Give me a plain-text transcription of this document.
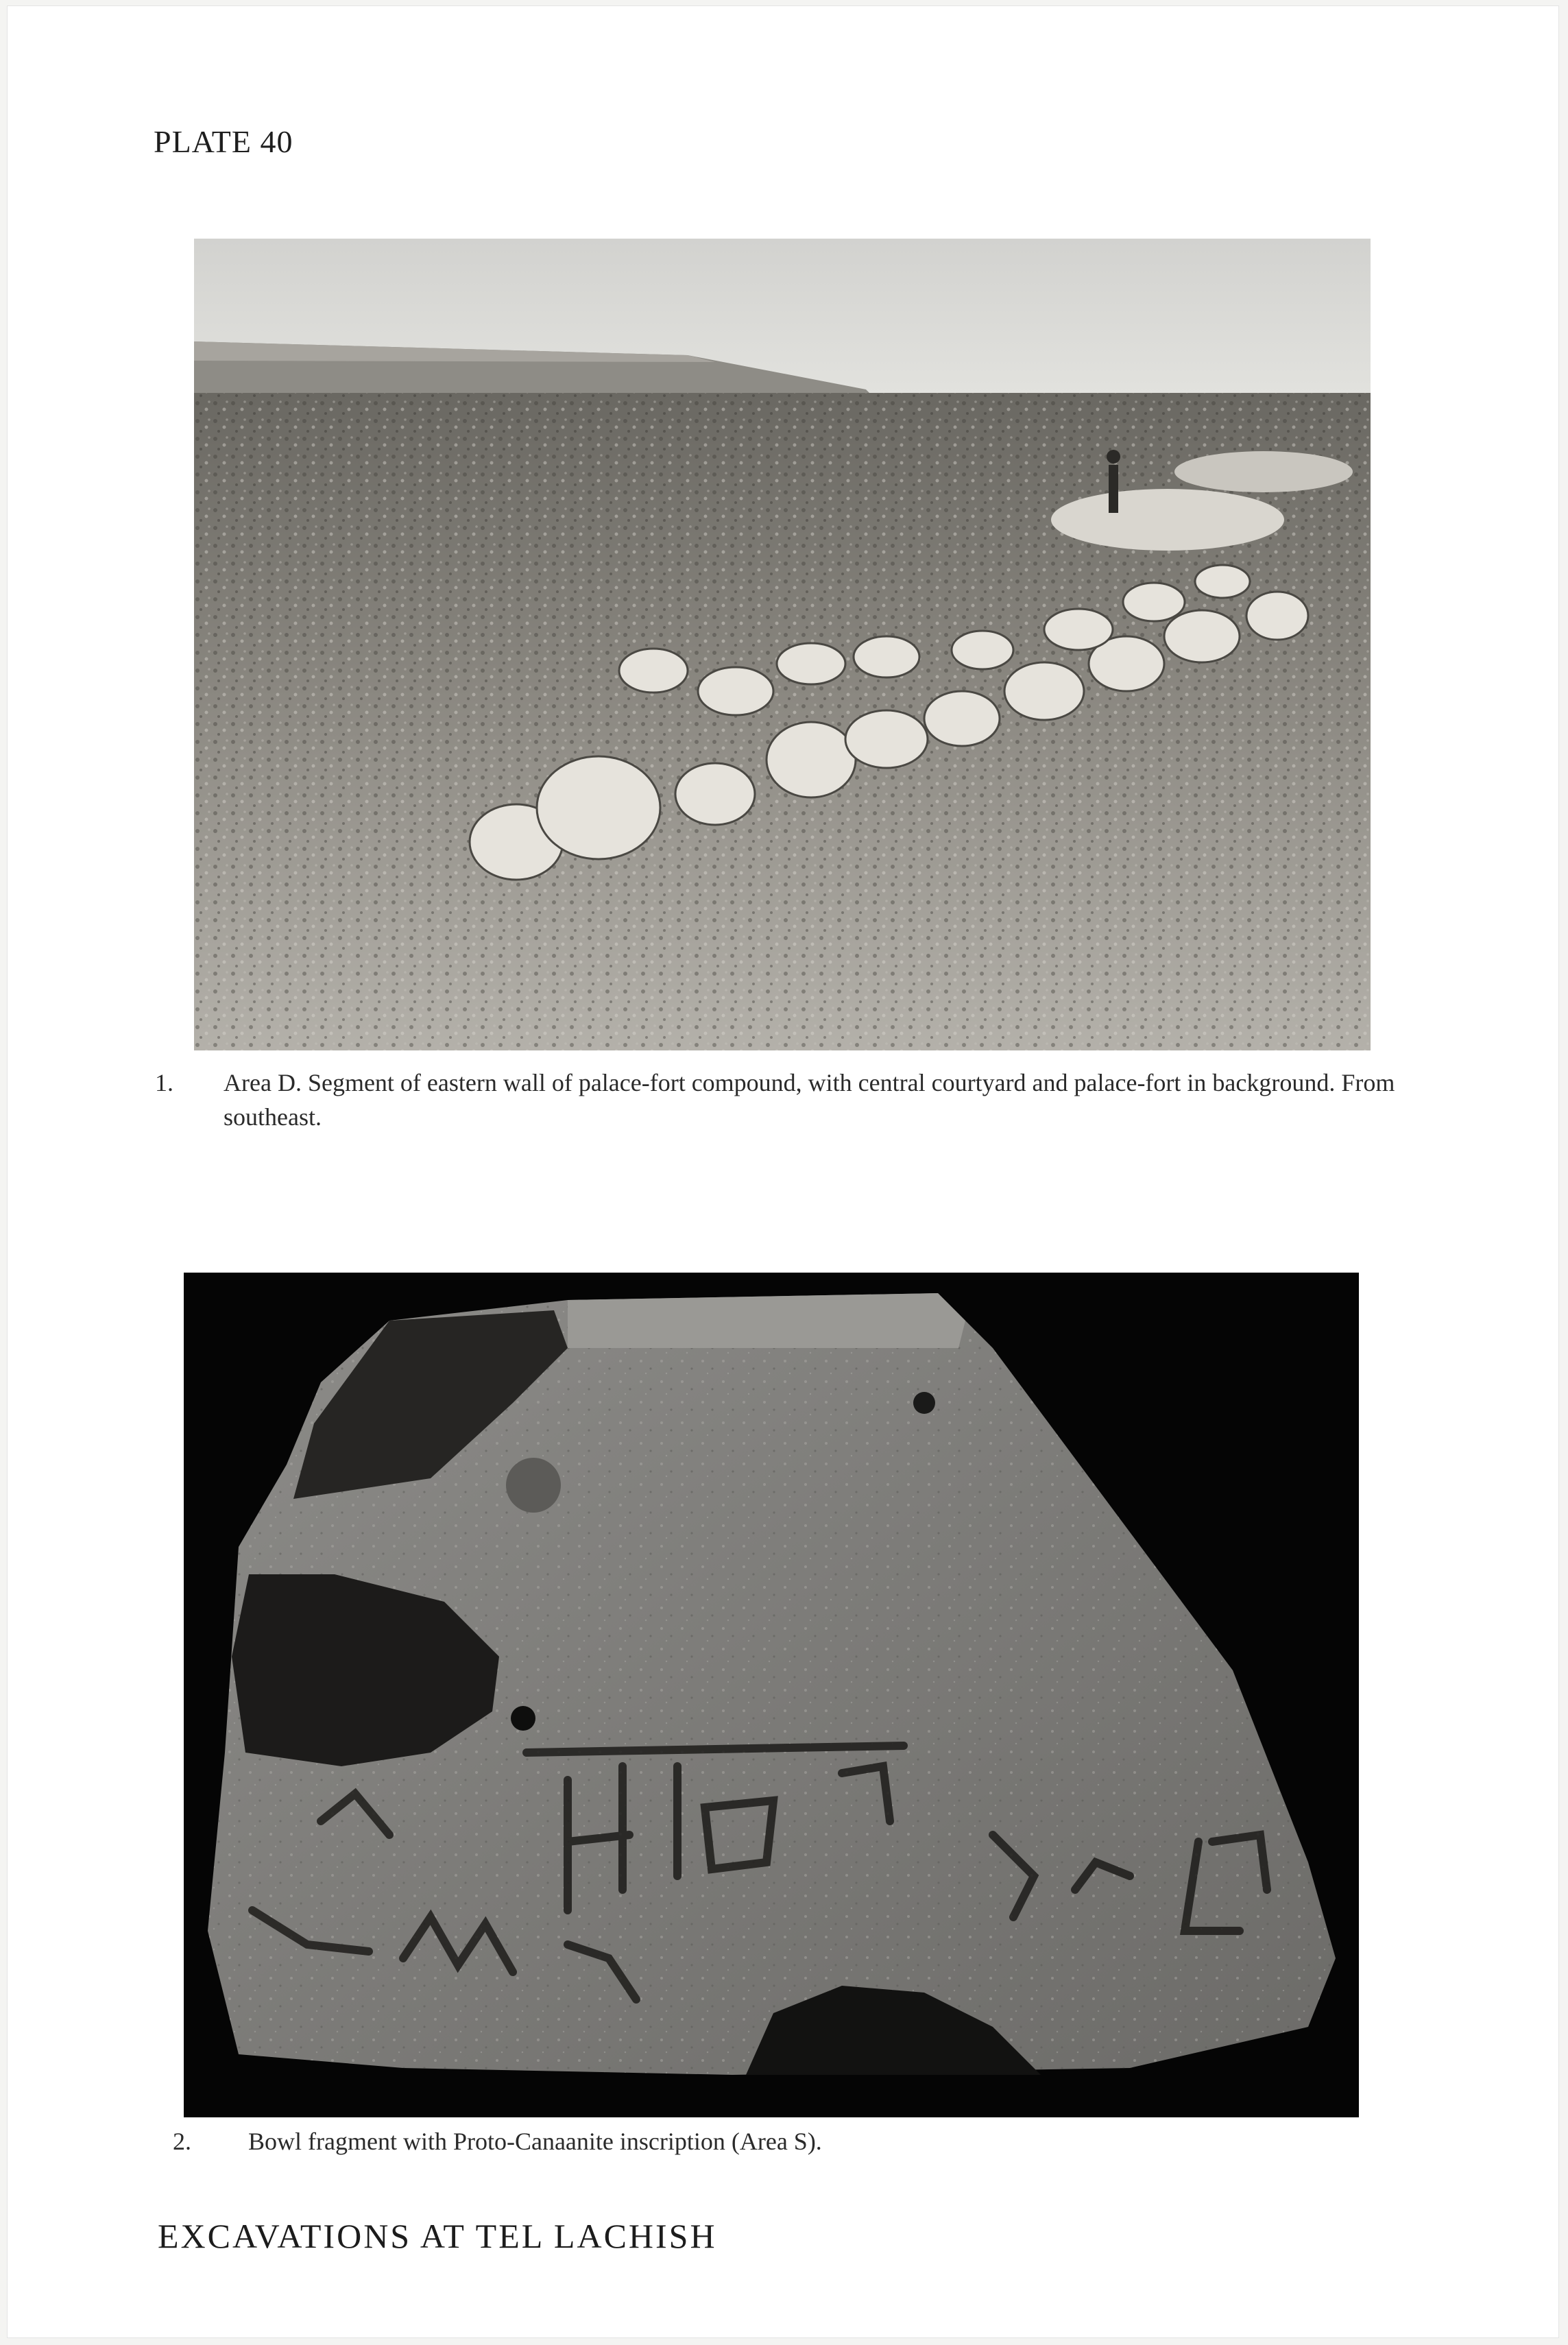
PLATE 40
1. Area D. Segment of eastern wall of palace-fort compound, with central courtyard and palace-fort in background. From southeast.
2. Bowl fragment with Proto-Canaanite inscription (Area S).
EXCAVATIONS AT TEL LACHISH
